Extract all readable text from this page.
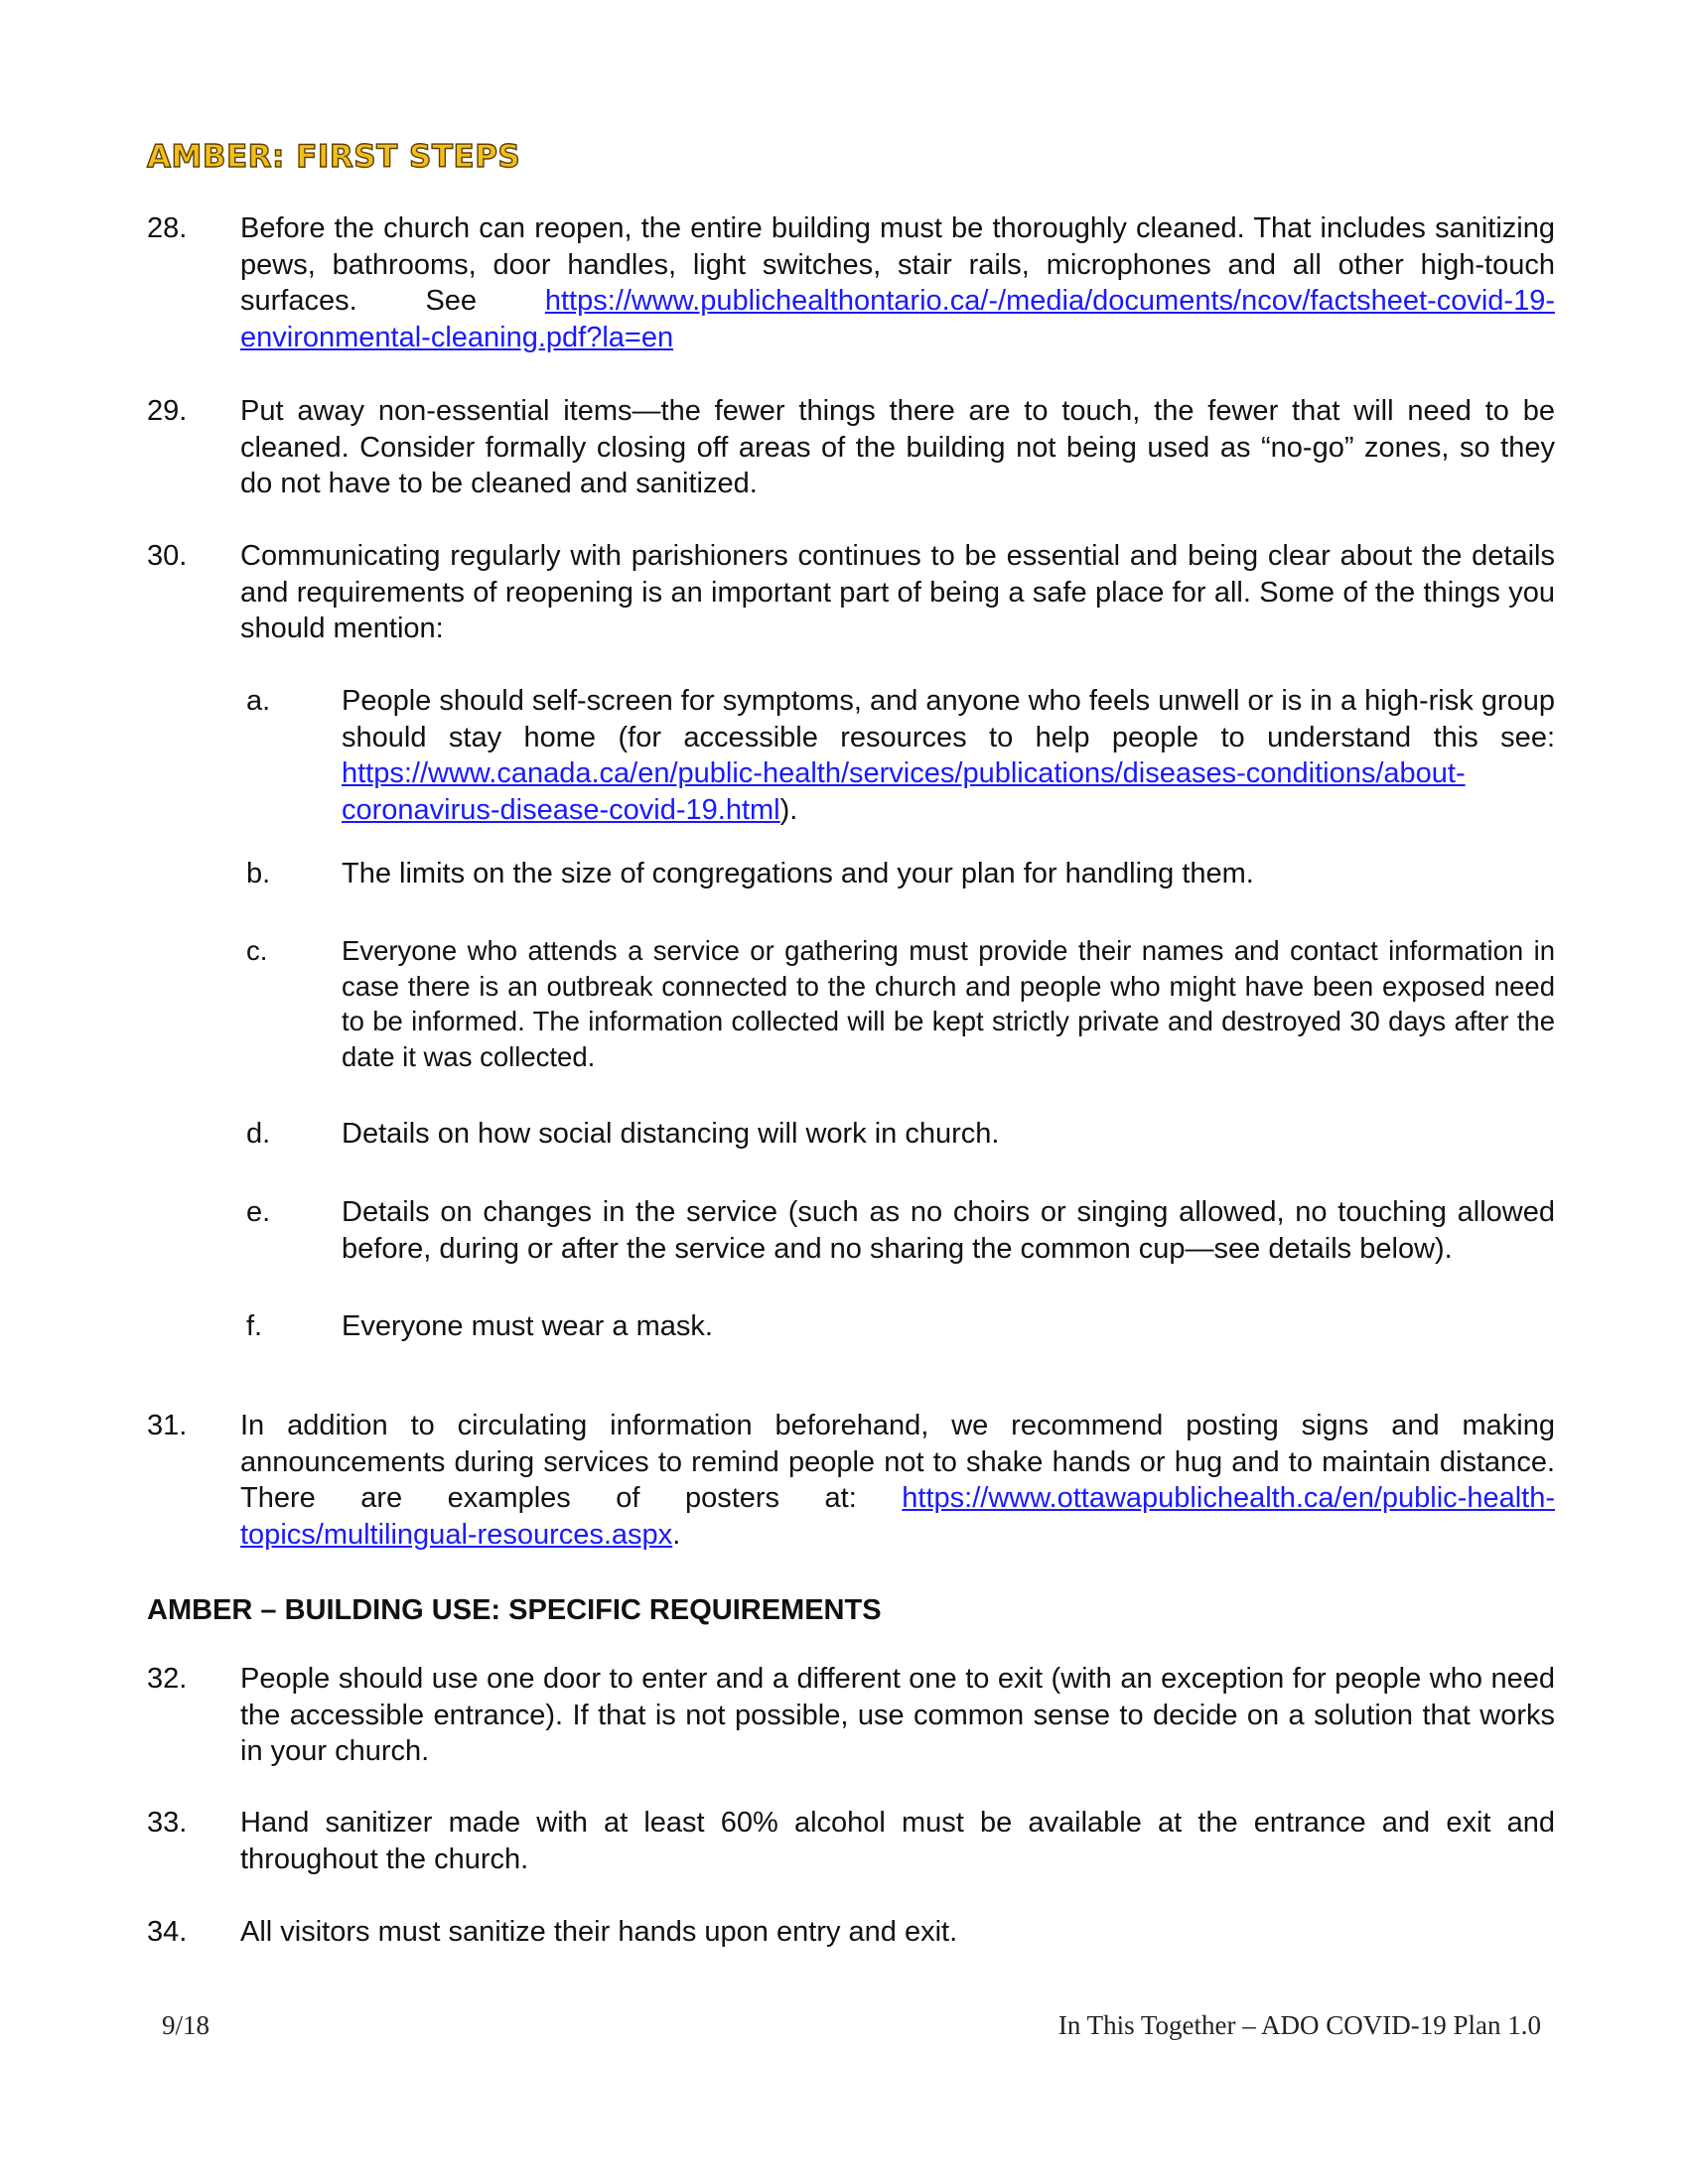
AMBER: FIRST STEPS
28.	Before the church can reopen, the entire building must be thoroughly cleaned. That includes sanitizing pews, bathrooms, door handles, light switches, stair rails, microphones and all other high-touch surfaces. See https://www.publichealthontario.ca/-/media/documents/ncov/factsheet-covid-19-environmental-cleaning.pdf?la=en
29.	Put away non-essential items—the fewer things there are to touch, the fewer that will need to be cleaned. Consider formally closing off areas of the building not being used as “no-go” zones, so they do not have to be cleaned and sanitized.
30.	Communicating regularly with parishioners continues to be essential and being clear about the details and requirements of reopening is an important part of being a safe place for all. Some of the things you should mention:
a.	People should self-screen for symptoms, and anyone who feels unwell or is in a high-risk group should stay home (for accessible resources to help people to understand this see: https://www.canada.ca/en/public-health/services/publications/diseases-conditions/about-coronavirus-disease-covid-19.html).
b.	The limits on the size of congregations and your plan for handling them.
c.	Everyone who attends a service or gathering must provide their names and contact information in case there is an outbreak connected to the church and people who might have been exposed need to be informed. The information collected will be kept strictly private and destroyed 30 days after the date it was collected.
d.	Details on how social distancing will work in church.
e.	Details on changes in the service (such as no choirs or singing allowed, no touching allowed before, during or after the service and no sharing the common cup—see details below).
f.	Everyone must wear a mask.
31.	In addition to circulating information beforehand, we recommend posting signs and making announcements during services to remind people not to shake hands or hug and to maintain distance. There are examples of posters at: https://www.ottawapublichealth.ca/en/public-health-topics/multilingual-resources.aspx.
AMBER – BUILDING USE: SPECIFIC REQUIREMENTS
32.	People should use one door to enter and a different one to exit (with an exception for people who need the accessible entrance). If that is not possible, use common sense to decide on a solution that works in your church.
33.	Hand sanitizer made with at least 60% alcohol must be available at the entrance and exit and throughout the church.
34.	All visitors must sanitize their hands upon entry and exit.
9/18	In This Together – ADO COVID-19 Plan 1.0
